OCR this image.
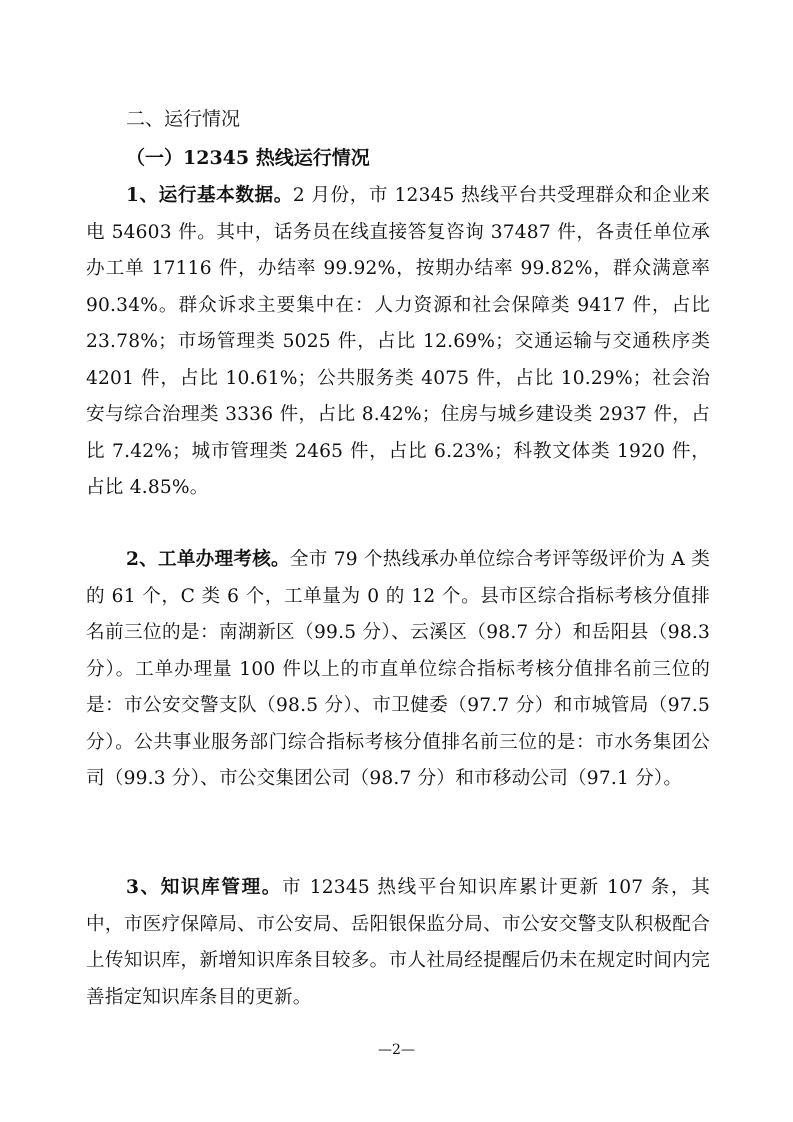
二、运行情况
（一）12345 热线运行情况

1、运行基本数据。2 月份，市 12345 热线平台共受理群众和企业来电 54603 件。其中，话务员在线直接答复咨询 37487 件，各责任单位承办工单 17116 件，办结率 99.92%，按期办结率 99.82%，群众满意率 90.34%。群众诉求主要集中在：人力资源和社会保障类 9417 件，占比 23.78%；市场管理类 5025 件，占比 12.69%；交通运输与交通秩序类 4201 件，占比 10.61%；公共服务类 4075 件，占比 10.29%；社会治安与综合治理类 3336 件，占比 8.42%；住房与城乡建设类 2937 件，占比 7.42%；城市管理类 2465 件，占比 6.23%；科教文体类 1920 件，占比 4.85%。

2、工单办理考核。全市 79 个热线承办单位综合考评等级评价为 A 类的 61 个，C 类 6 个，工单量为 0 的 12 个。县市区综合指标考核分值排名前三位的是：南湖新区（99.5 分）、云溪区（98.7 分）和岳阳县（98.3 分）。工单办理量 100 件以上的市直单位综合指标考核分值排名前三位的是：市公安交警支队（98.5 分）、市卫健委（97.7 分）和市城管局（97.5 分）。公共事业服务部门综合指标考核分值排名前三位的是：市水务集团公司（99.3 分）、市公交集团公司（98.7 分）和市移动公司（97.1 分）。

3、知识库管理。市 12345 热线平台知识库累计更新 107 条，其中，市医疗保障局、市公安局、岳阳银保监分局、市公安交警支队积极配合上传知识库，新增知识库条目较多。市人社局经提醒后仍未在规定时间内完善指定知识库条目的更新。

—2—
